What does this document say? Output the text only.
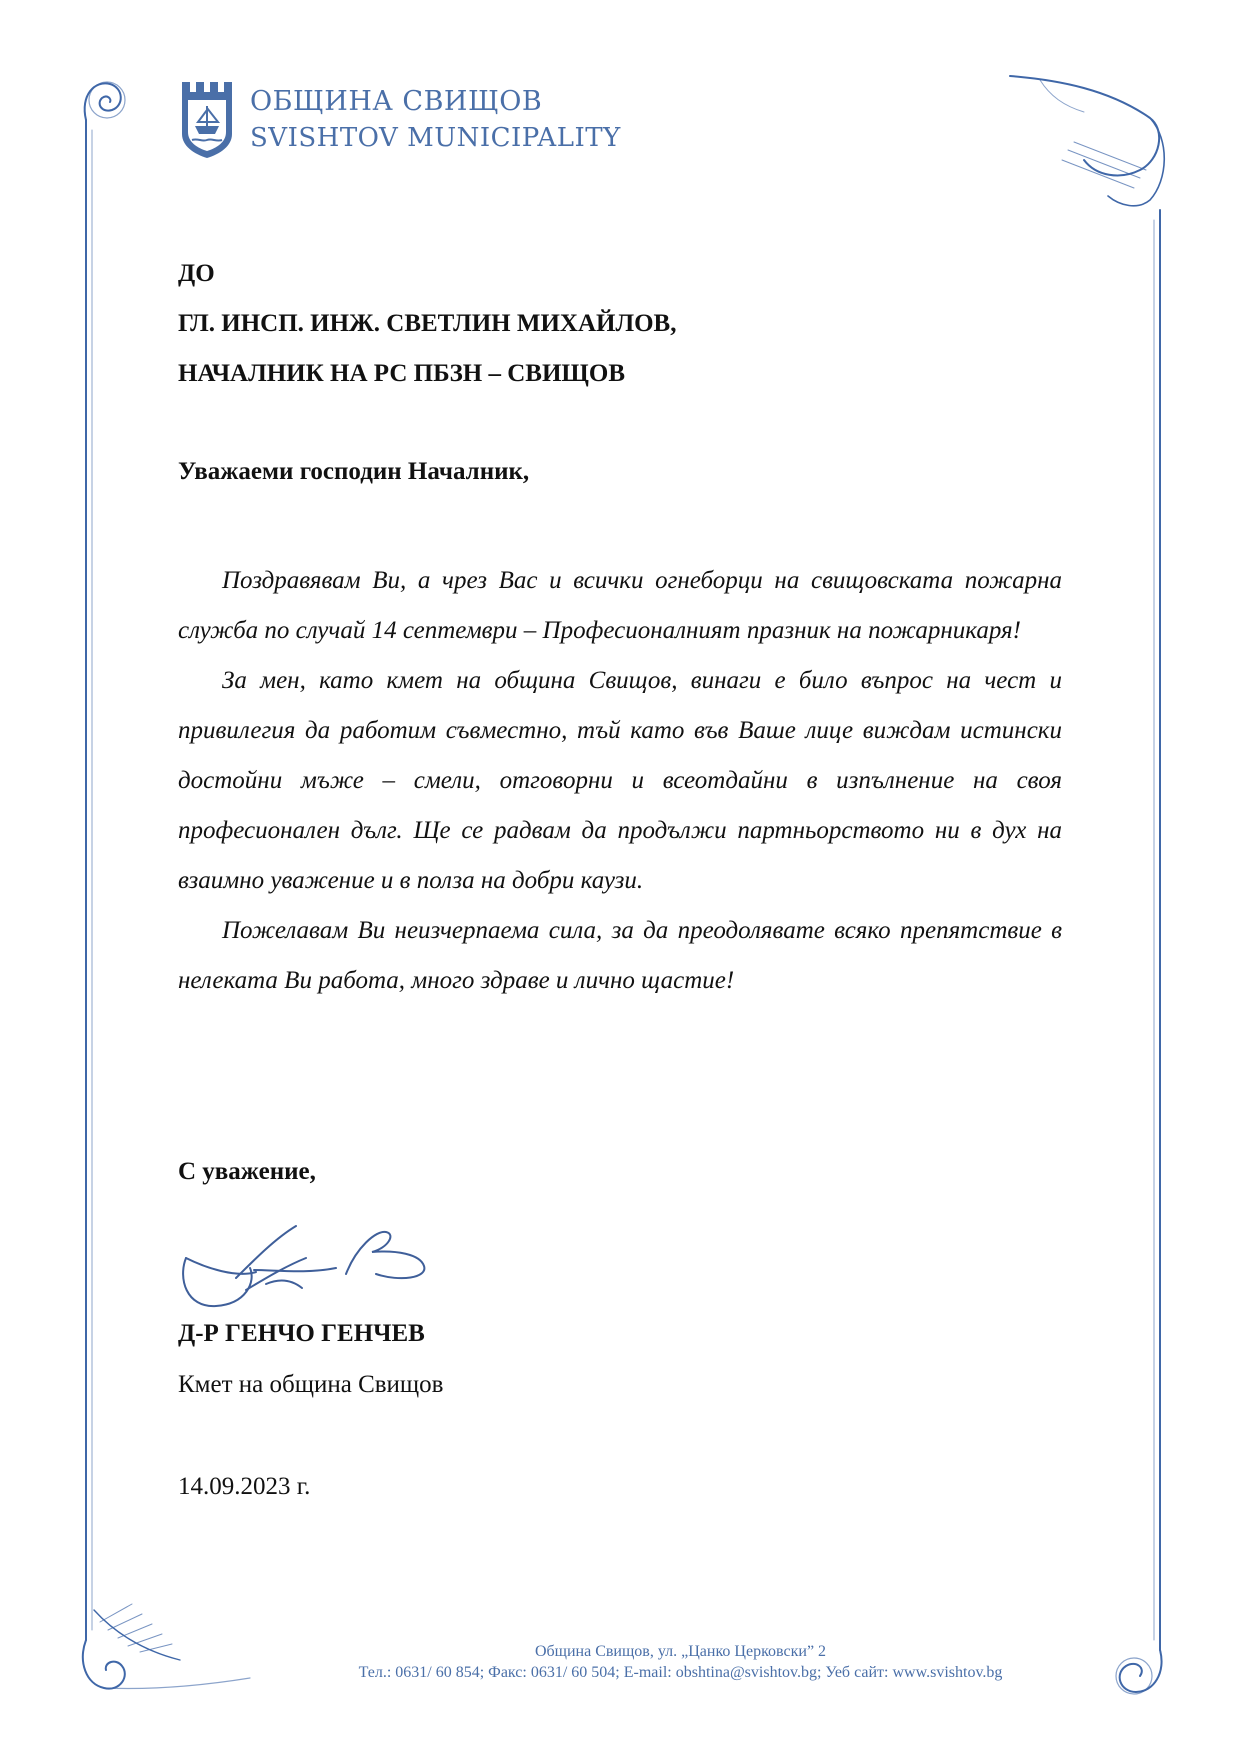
ОБЩИНА СВИЩОВ
SVISHTOV MUNICIPALITY
ДО
ГЛ. ИНСП. ИНЖ. СВЕТЛИН МИХАЙЛОВ,
НАЧАЛНИК НА РС ПБЗН – СВИЩОВ
Уважаеми господин Началник,

Поздравявам Ви, а чрез Вас и всички огнеборци на свищовската пожарна служба по случай 14 септември – Професионалният празник на пожарникаря!

За мен, като кмет на община Свищов, винаги е било въпрос на чест и привилегия да работим съвместно, тъй като във Ваше лице виждам истински достойни мъже – смели, отговорни и всеотдайни в изпълнение на своя професионален дълг. Ще се радвам да продължи партньорството ни в дух на взаимно уважение и в полза на добри каузи.

Пожелавам Ви неизчерпаема сила, за да преодолявате всяко препятствие в нелеката Ви работа, много здраве и лично щастие!

С уважение,
Д-Р ГЕНЧО ГЕНЧЕВ
Кмет на община Свищов
14.09.2023 г.
Община Свищов, ул. „Цанко Церковски” 2
Тел.: 0631/ 60 854; Факс: 0631/ 60 504; E-mail: obshtina@svishtov.bg; Уеб сайт: www.svishtov.bg
